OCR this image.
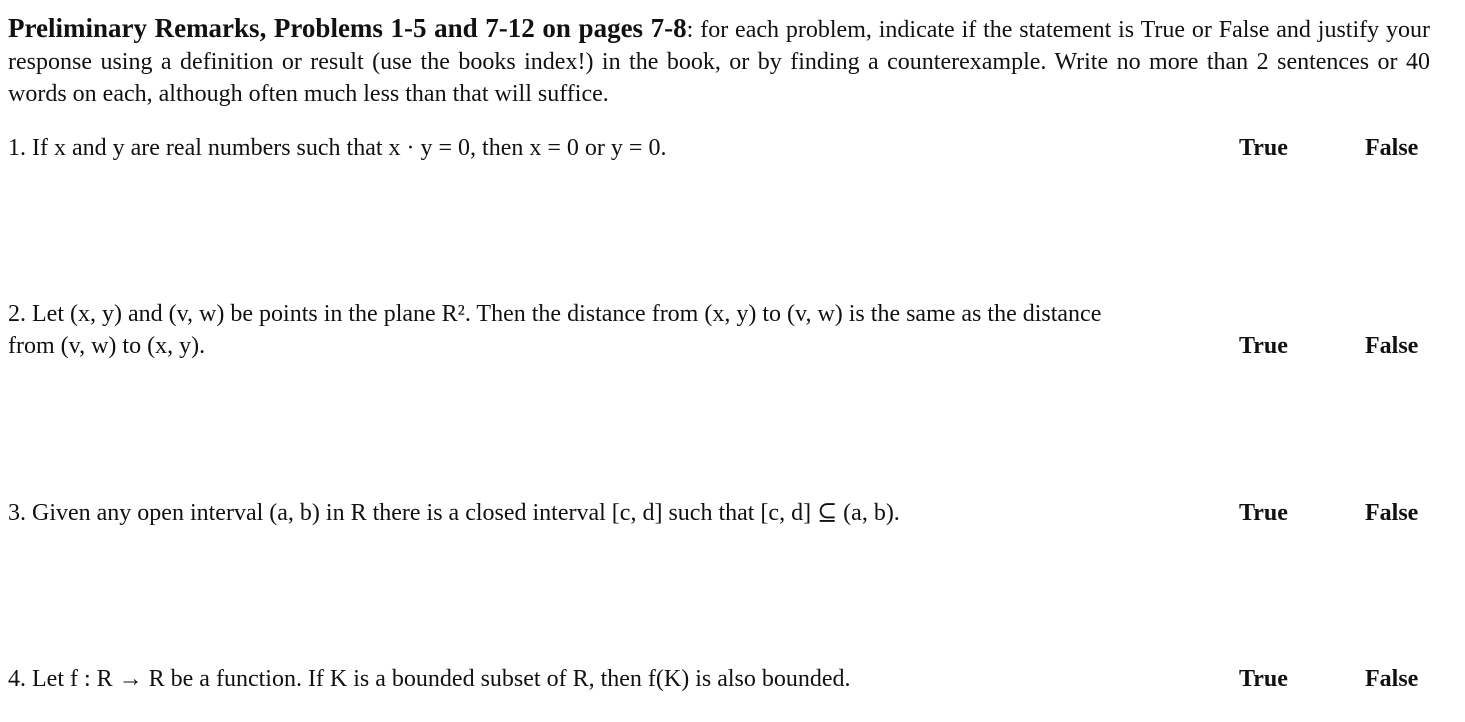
Preliminary Remarks, Problems 1-5 and 7-12 on pages 7-8: for each problem, indicate if the statement is True or False and justify your response using a definition or result (use the books index!) in the book, or by finding a counterexample. Write no more than 2 sentences or 40 words on each, although often much less than that will suffice.
1. If x and y are real numbers such that x · y = 0, then x = 0 or y = 0.	True	False
2. Let (x, y) and (v, w) be points in the plane R². Then the distance from (x, y) to (v, w) is the same as the distance from (v, w) to (x, y).	True	False
3. Given any open interval (a, b) in R there is a closed interval [c, d] such that [c, d] ⊆ (a, b).	True	False
4. Let f : R → R be a function. If K is a bounded subset of R, then f(K) is also bounded.	True	False
